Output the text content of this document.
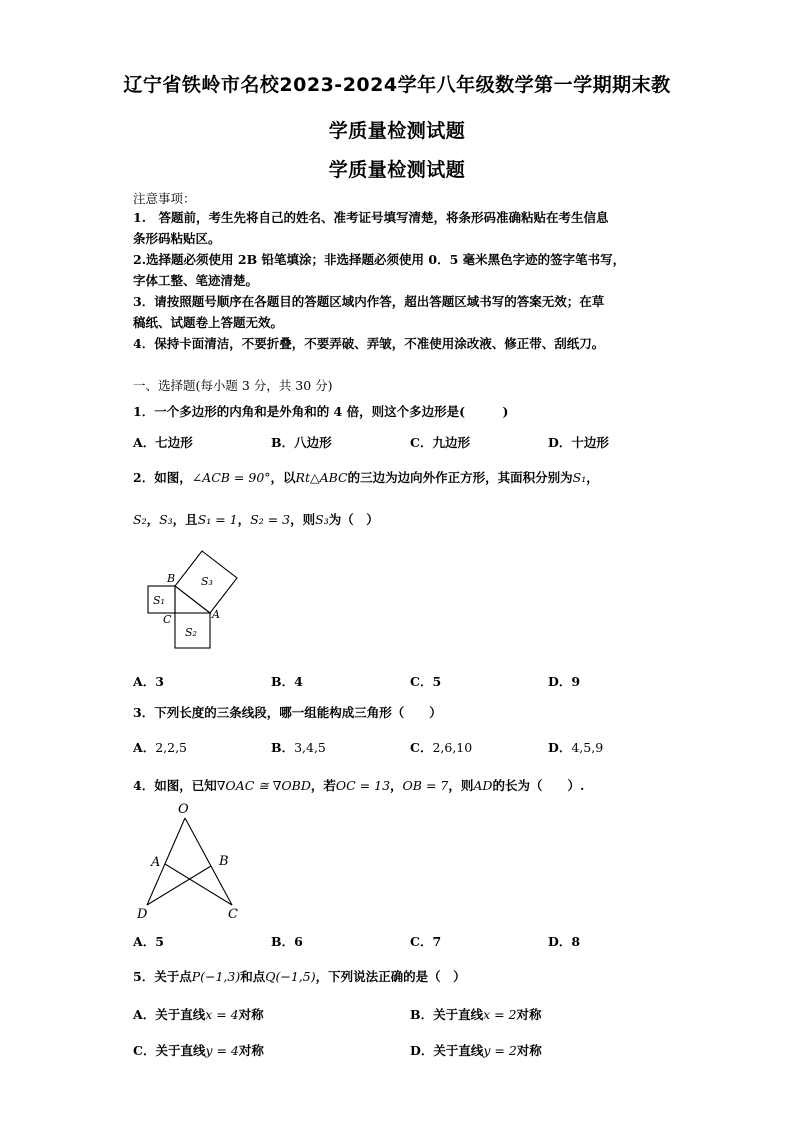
辽宁省铁岭市名校2023-2024学年八年级数学第一学期期末教
学质量检测试题
学质量检测试题
注意事项：
1.　答题前，考生先将自己的姓名、准考证号填写清楚，将条形码准确粘贴在考生信息
条形码粘贴区。
2.选择题必须使用 2B 铅笔填涂；非选择题必须使用 0．5 毫米黑色字迹的签字笔书写，
字体工整、笔迹清楚。
3．请按照题号顺序在各题目的答题区域内作答，超出答题区域书写的答案无效；在草
稿纸、试题卷上答题无效。
4．保持卡面清洁，不要折叠，不要弄破、弄皱，不准使用涂改液、修正带、刮纸刀。
一、选择题(每小题 3 分，共 30 分)
1．一个多边形的内角和是外角和的 4 倍，则这个多边形是(　　　)
A．七边形	B．八边形	C．九边形	D．十边形
2．如图，∠ACB = 90°，以Rt△ABC的三边为边向外作正方形，其面积分别为S₁，
S₂，S₃，且S₁ = 1，S₂ = 3，则S₃为（　）
B
C	A
S₁
S₂
S₃
A．3	B．4	C．5	D．9
3．下列长度的三条线段，哪一组能构成三角形（　　）
A．2,2,5	B．3,4,5	C．2,6,10	D．4,5,9
4．如图，已知∇OAC ≅ ∇OBD，若OC = 13，OB = 7，则AD的长为（　　）.
O
A	B
D	C
A．5	B．6	C．7	D．8
5．关于点P(−1,3)和点Q(−1,5)，下列说法正确的是（　）
A．关于直线x = 4对称	B．关于直线x = 2对称
C．关于直线y = 4对称	D．关于直线y = 2对称
